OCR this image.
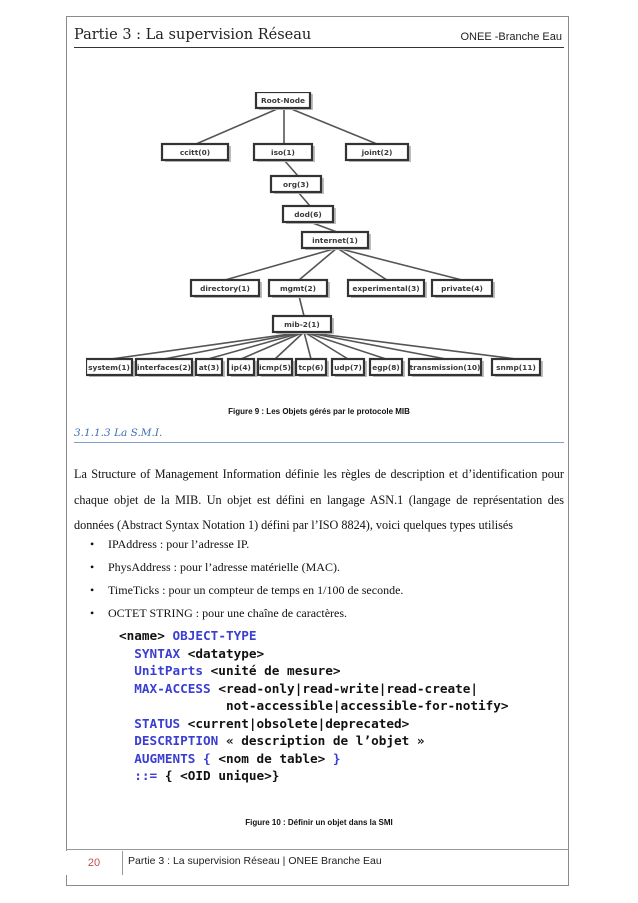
Partie 3 : La supervision Réseau	ONEE -Branche Eau
Root-Node
ccitt(0)	iso(1)	joint(2)
org(3)
dod(6)
internet(1)
directory(1)	mgmt(2)	experimental(3)	private(4)
mib-2(1)
system(1) interfaces(2) at(3) ip(4) icmp(5) tcp(6) udp(7) egp(8) transmission(10) snmp(11)
Figure 9 : Les Objets gérés par le protocole MIB
3.1.1.3 La S.M.I.
La Structure of Management Information définie les règles de description et d’identification pour chaque objet de la MIB. Un objet est défini en langage ASN.1 (langage de représentation des données (Abstract Syntax Notation 1) défini par l’ISO 8824), voici quelques types utilisés
• IPAddress : pour l’adresse IP.
• PhysAddress : pour l’adresse matérielle (MAC).
• TimeTicks : pour un compteur de temps en 1/100 de seconde.
• OCTET STRING : pour une chaîne de caractères.
<name> OBJECT-TYPE
SYNTAX <datatype>
UnitParts <unité de mesure>
MAX-ACCESS <read-only|read-write|read-create|
not-accessible|accessible-for-notify>
STATUS <current|obsolete|deprecated>
DESCRIPTION « description de l’objet »
AUGMENTS { <nom de table> }
::= { <OID unique>}
Figure 10 : Définir un objet dans la SMI
20	Partie 3 : La supervision Réseau | ONEE Branche Eau
